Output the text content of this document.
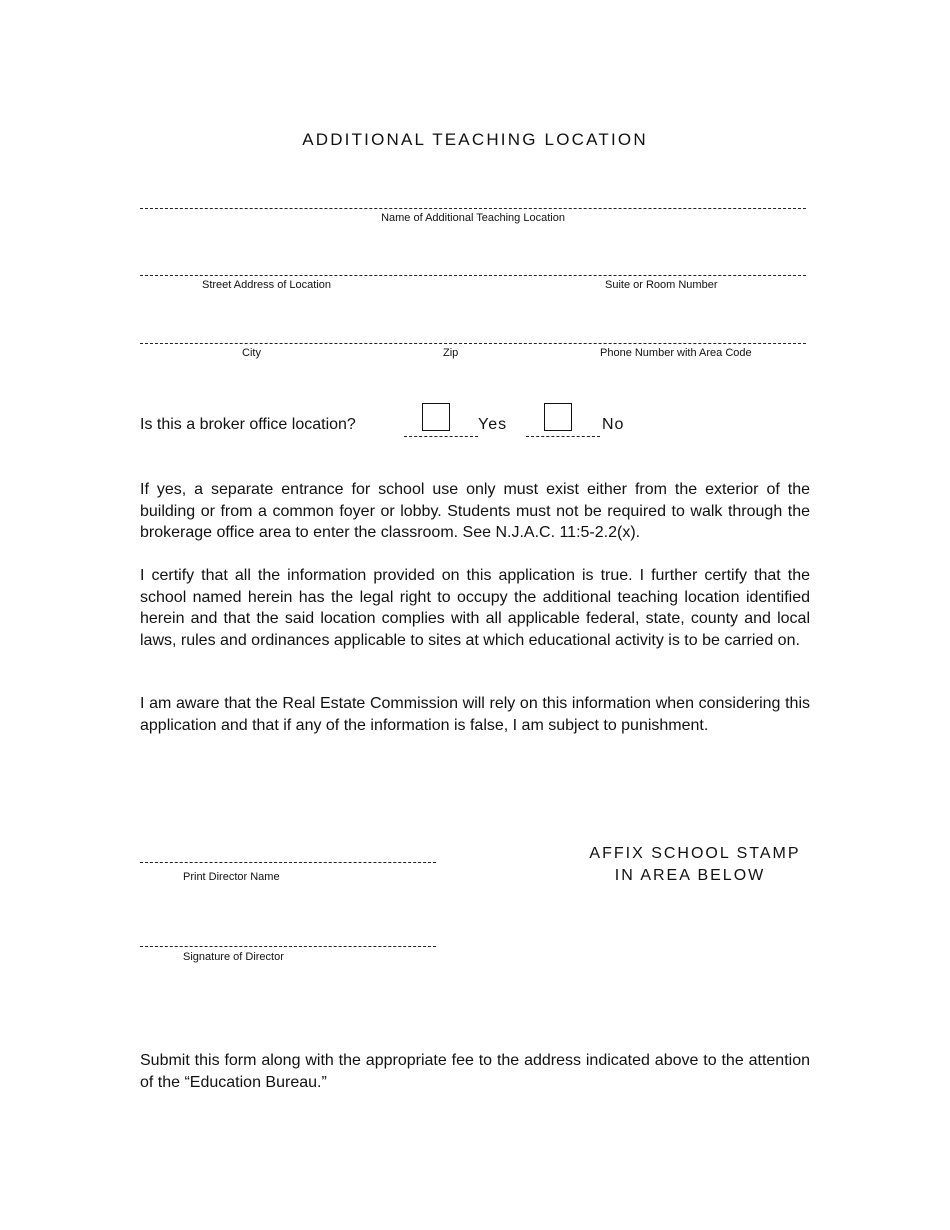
ADDITIONAL TEACHING LOCATION
Name of Additional Teaching Location
Street Address of Location	Suite or Room Number
City	Zip	Phone Number with Area Code
Is this a broker office location?	Yes	No

If yes, a separate entrance for school use only must exist either from the exterior of the building or from a common foyer or lobby. Students must not be required to walk through the brokerage office area to enter the classroom. See N.J.A.C. 11:5-2.2(x).

I certify that all the information provided on this application is true. I further certify that the school named herein has the legal right to occupy the additional teaching location identified herein and that the said location complies with all applicable federal, state, county and local laws, rules and ordinances applicable to sites at which educational activity is to be carried on.

I am aware that the Real Estate Commission will rely on this information when considering this application and that if any of the information is false, I am subject to punishment.

Print Director Name
Signature of Director
AFFIX SCHOOL STAMP
IN AREA BELOW

Submit this form along with the appropriate fee to the address indicated above to the attention of the “Education Bureau.”
